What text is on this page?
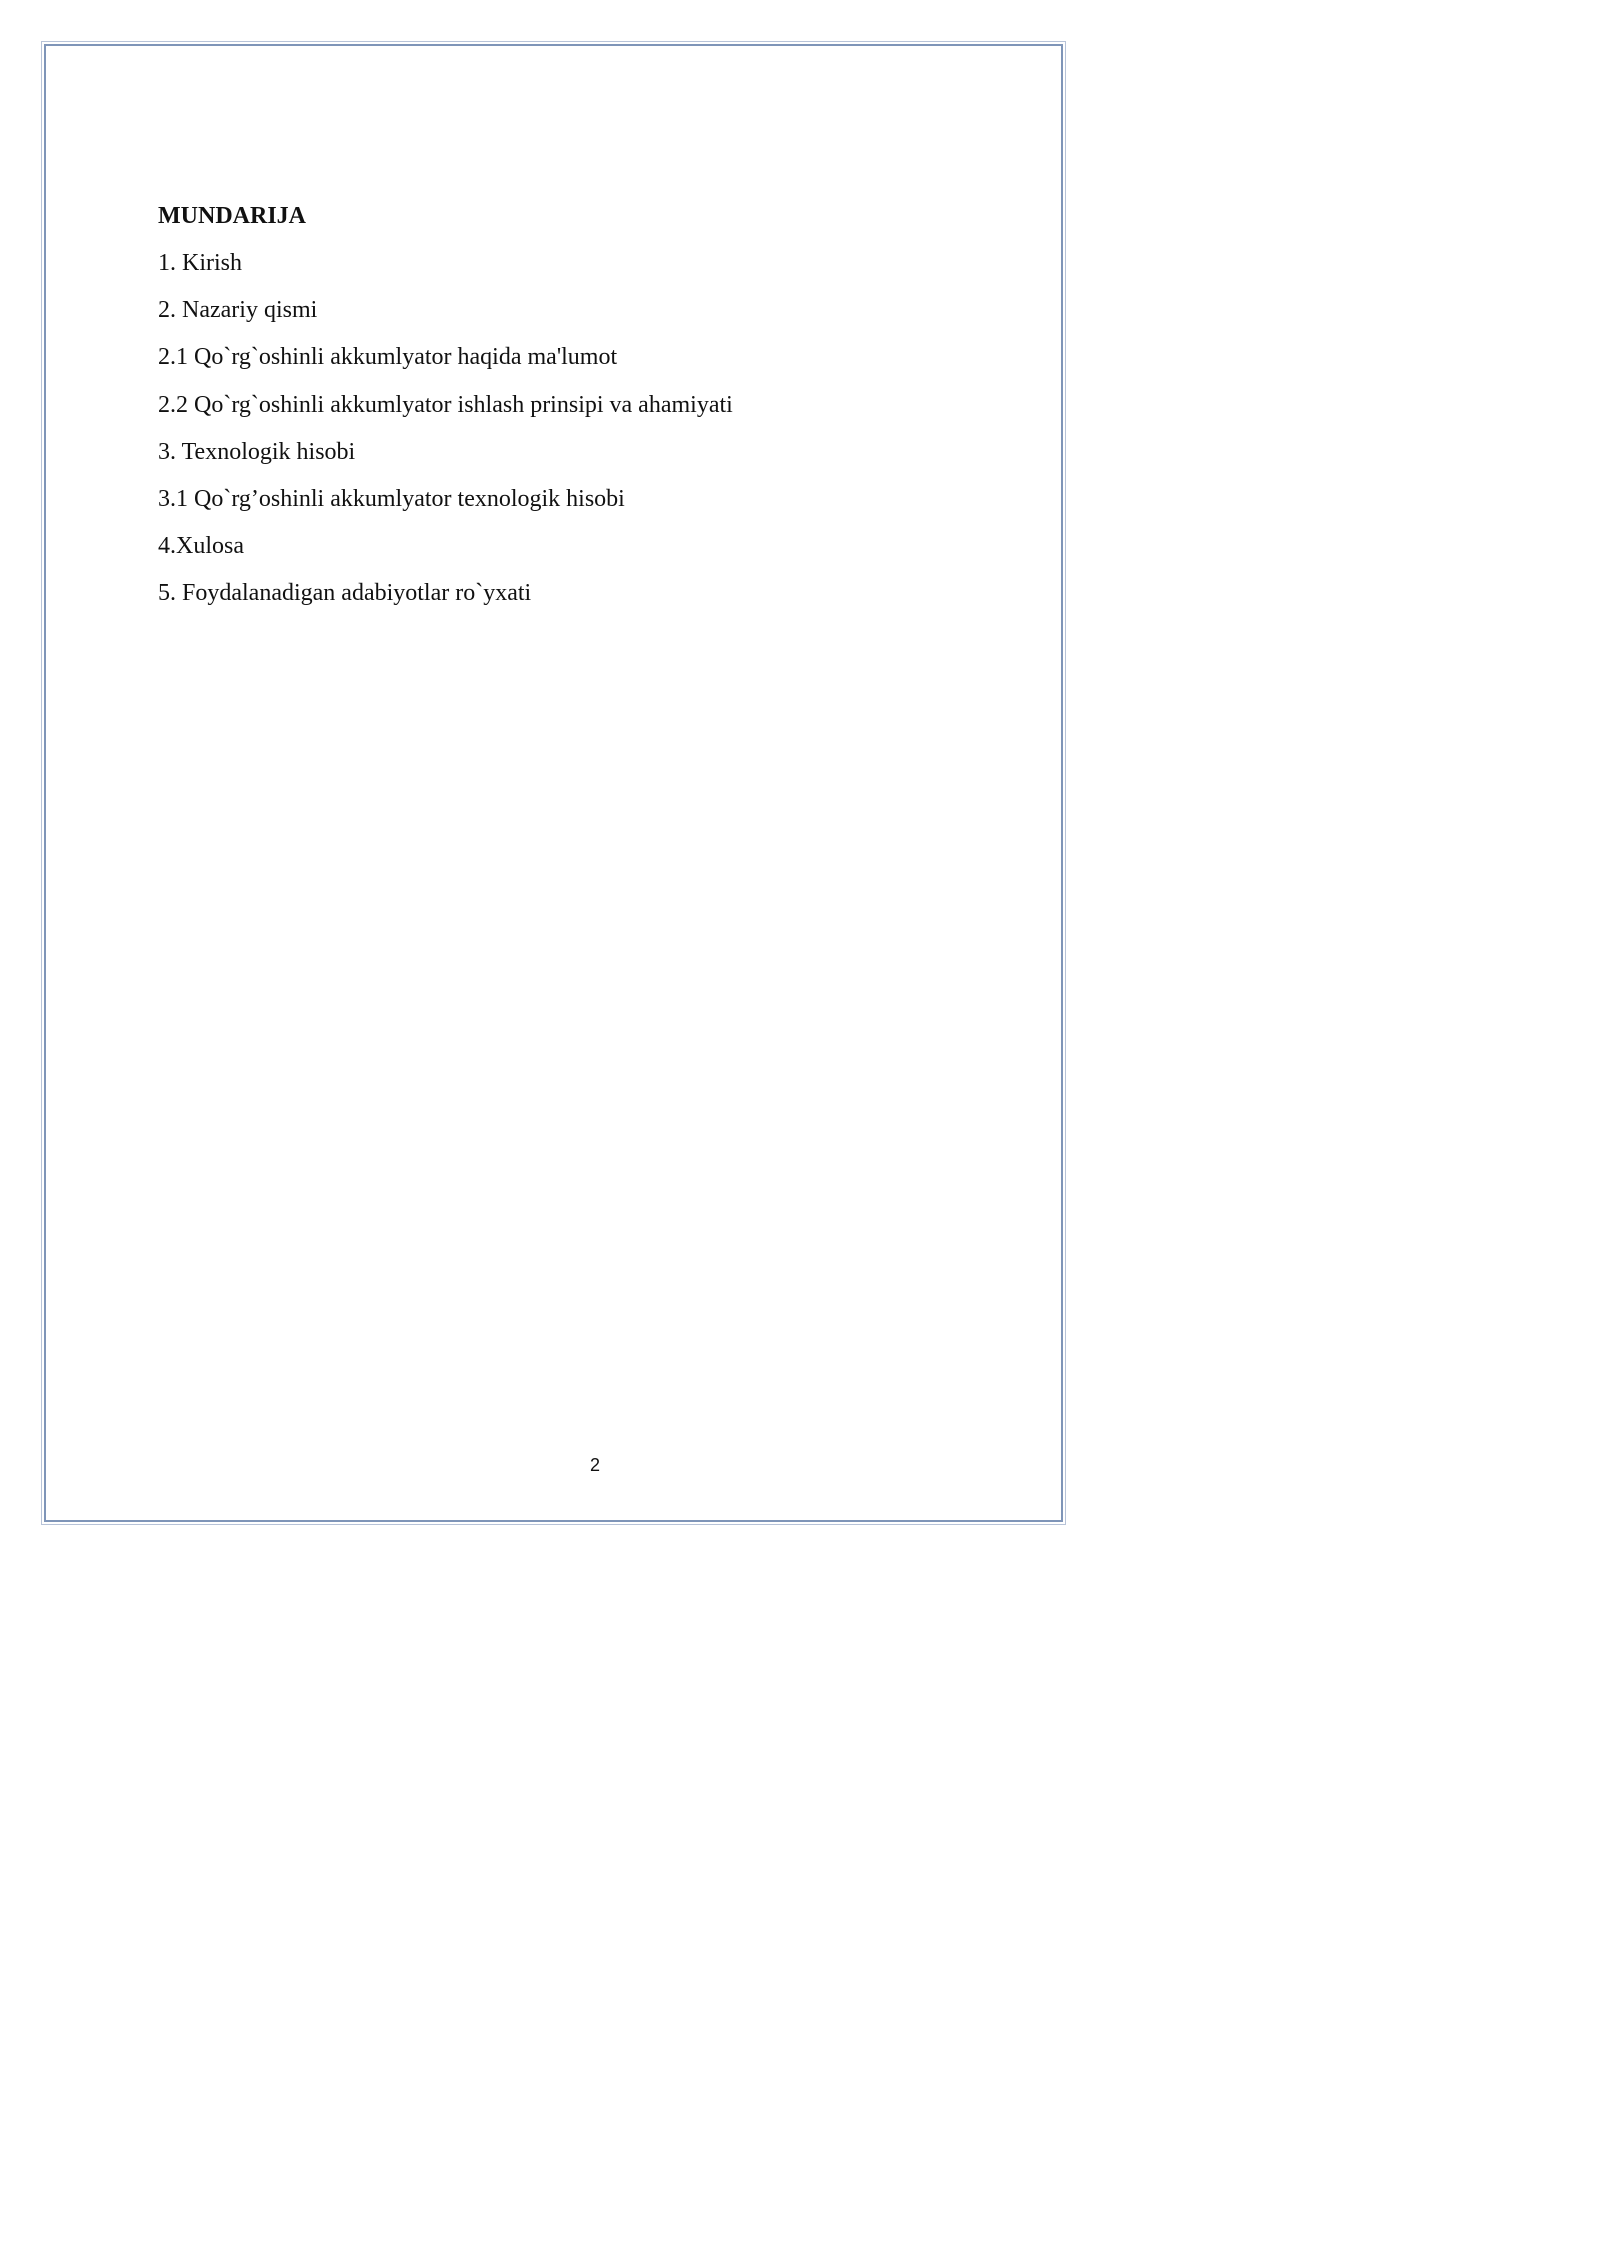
MUNDARIJA
1. Kirish
2. Nazariy qismi
2.1 Qo`rg`oshinli akkumlyator haqida ma'lumot
2.2 Qo`rg`oshinli akkumlyator ishlash prinsipi va ahamiyati
3. Texnologik hisobi
3.1 Qo`rg’oshinli akkumlyator texnologik hisobi
4.Xulosa
5. Foydalanadigan adabiyotlar ro`yxati
2
